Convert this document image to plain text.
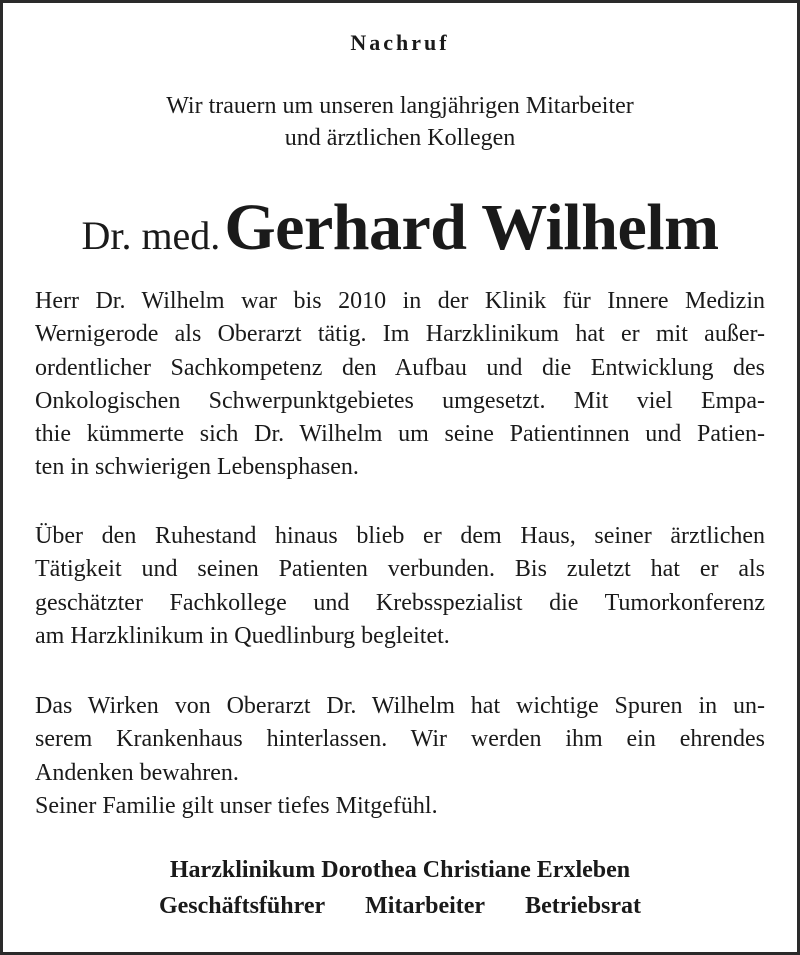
Nachruf
Wir trauern um unseren langjährigen Mitarbeiter
und ärztlichen Kollegen
Dr. med. Gerhard Wilhelm
Herr Dr. Wilhelm war bis 2010 in der Klinik für Innere Medizin
Wernigerode als Oberarzt tätig. Im Harzklinikum hat er mit außer-
ordentlicher Sachkompetenz den Aufbau und die Entwicklung des
Onkologischen Schwerpunktgebietes umgesetzt. Mit viel Empa-
thie kümmerte sich Dr. Wilhelm um seine Patientinnen und Patien-
ten in schwierigen Lebensphasen.
Über den Ruhestand hinaus blieb er dem Haus, seiner ärztlichen
Tätigkeit und seinen Patienten verbunden. Bis zuletzt hat er als
geschätzter Fachkollege und Krebsspezialist die Tumorkonferenz
am Harzklinikum in Quedlinburg begleitet.
Das Wirken von Oberarzt Dr. Wilhelm hat wichtige Spuren in un-
serem Krankenhaus hinterlassen. Wir werden ihm ein ehrendes
Andenken bewahren.
Seiner Familie gilt unser tiefes Mitgefühl.
Harzklinikum Dorothea Christiane Erxleben
Geschäftsführer Mitarbeiter Betriebsrat
